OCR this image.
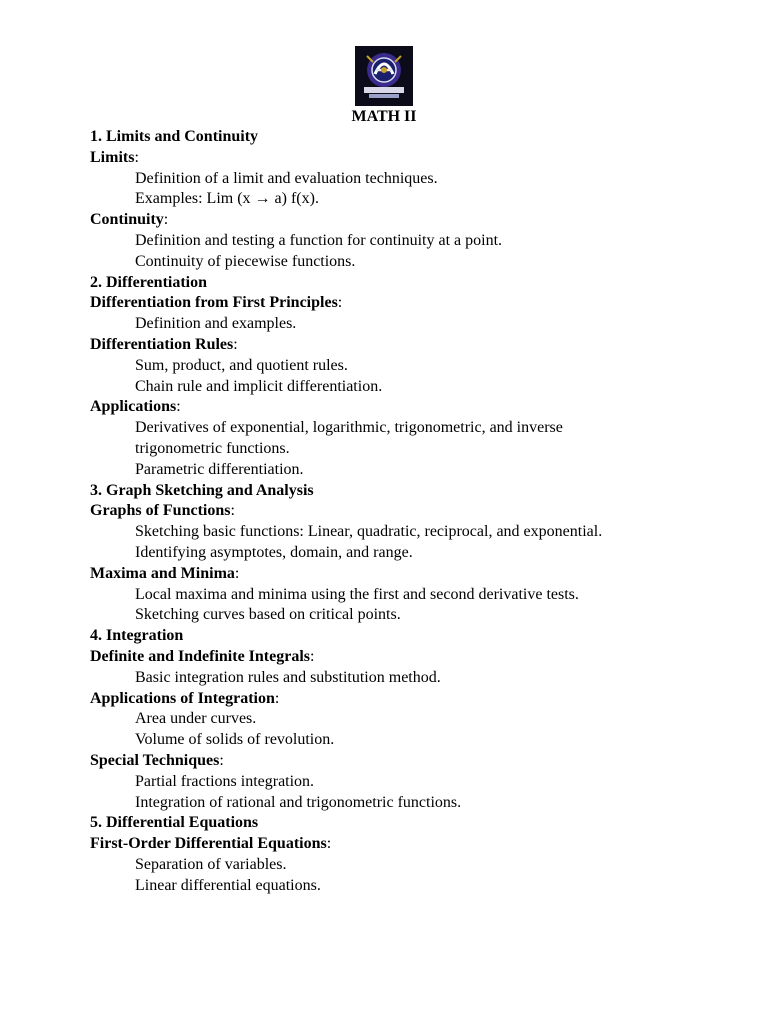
MATH II
1. Limits and Continuity
Limits:
Definition of a limit and evaluation techniques.
Examples: Lim (x → a) f(x).
Continuity:
Definition and testing a function for continuity at a point.
Continuity of piecewise functions.
2. Differentiation
Differentiation from First Principles:
Definition and examples.
Differentiation Rules:
Sum, product, and quotient rules.
Chain rule and implicit differentiation.
Applications:
Derivatives of exponential, logarithmic, trigonometric, and inverse
trigonometric functions.
Parametric differentiation.
3. Graph Sketching and Analysis
Graphs of Functions:
Sketching basic functions: Linear, quadratic, reciprocal, and exponential.
Identifying asymptotes, domain, and range.
Maxima and Minima:
Local maxima and minima using the first and second derivative tests.
Sketching curves based on critical points.
4. Integration
Definite and Indefinite Integrals:
Basic integration rules and substitution method.
Applications of Integration:
Area under curves.
Volume of solids of revolution.
Special Techniques:
Partial fractions integration.
Integration of rational and trigonometric functions.
5. Differential Equations
First-Order Differential Equations:
Separation of variables.
Linear differential equations.
